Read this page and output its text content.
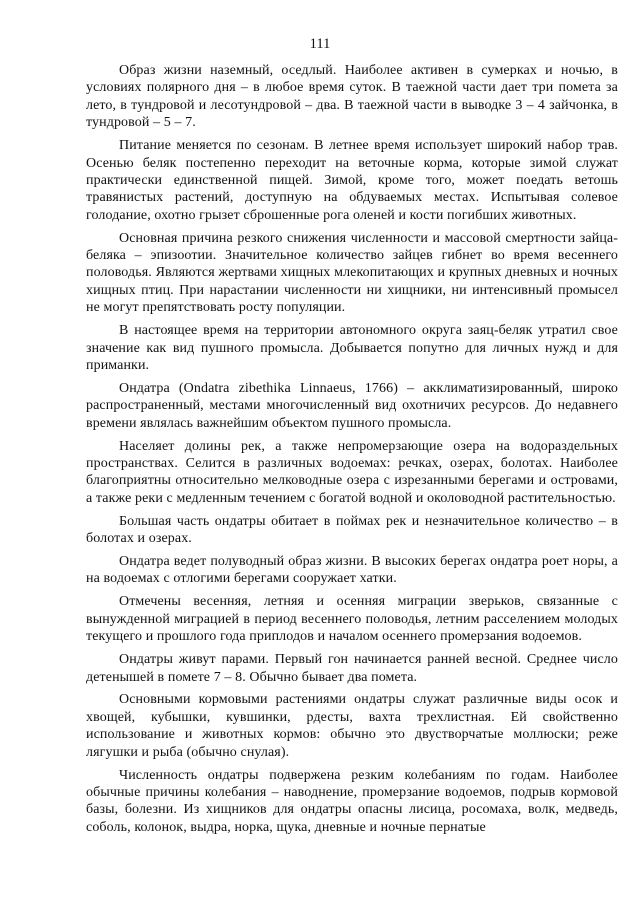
111

Образ жизни наземный, оседлый. Наиболее активен в сумерках и ночью, в условиях полярного дня – в любое время суток. В таежной части дает три помета за лето, в тундровой и лесотундровой – два. В таежной части в выводке 3 – 4 зайчонка, в тундровой – 5 – 7.

Питание меняется по сезонам. В летнее время использует широкий набор трав. Осенью беляк постепенно переходит на веточные корма, которые зимой служат практически единственной пищей. Зимой, кроме того, может поедать ветошь травянистых растений, доступную на обдуваемых местах. Испытывая солевое голодание, охотно грызет сброшенные рога оленей и кости погибших животных.

Основная причина резкого снижения численности и массовой смертности зайца-беляка – эпизоотии. Значительное количество зайцев гибнет во время весеннего половодья. Являются жертвами хищных млекопитающих и крупных дневных и ночных хищных птиц. При нарастании численности ни хищники, ни интенсивный промысел не могут препятствовать росту популяции.

В настоящее время на территории автономного округа заяц-беляк утратил свое значение как вид пушного промысла. Добывается попутно для личных нужд и для приманки.

Ондатра (Ondatra zibethika Linnaeus, 1766) – акклиматизированный, широко распространенный, местами многочисленный вид охотничих ресурсов. До недавнего времени являлась важнейшим объектом пушного промысла.

Населяет долины рек, а также непромерзающие озера на водораздельных пространствах. Селится в различных водоемах: речках, озерах, болотах. Наиболее благоприятны относительно мелководные озера с изрезанными берегами и островами, а также реки с медленным течением с богатой водной и околоводной растительностью.

Большая часть ондатры обитает в поймах рек и незначительное количество – в болотах и озерах.

Ондатра ведет полуводный образ жизни. В высоких берегах ондатра роет норы, а на водоемах с отлогими берегами сооружает хатки.

Отмечены весенняя, летняя и осенняя миграции зверьков, связанные с вынужденной миграцией в период весеннего половодья, летним расселением молодых текущего и прошлого года приплодов и началом осеннего промерзания водоемов.

Ондатры живут парами. Первый гон начинается ранней весной. Среднее число детенышей в помете 7 – 8. Обычно бывает два помета.

Основными кормовыми растениями ондатры служат различные виды осок и хвощей, кубышки, кувшинки, рдесты, вахта трехлистная. Ей свойственно использование и животных кормов: обычно это двустворчатые моллюски; реже лягушки и рыба (обычно снулая).

Численность ондатры подвержена резким колебаниям по годам. Наиболее обычные причины колебания – наводнение, промерзание водоемов, подрыв кормовой базы, болезни. Из хищников для ондатры опасны лисица, росомаха, волк, медведь, соболь, колонок, выдра, норка, щука, дневные и ночные пернатые
